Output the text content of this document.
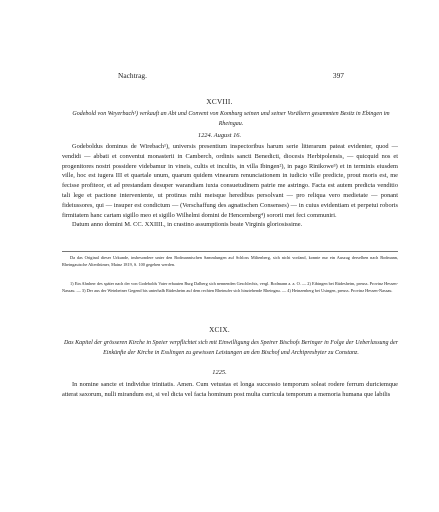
Nachtrag.	397
XCVIII.
Godebold von Weyerbach¹) verkauft an Abt und Convent von Komburg seinen und seiner Vorältern gesammten Besitz in Ebingen im Rheingau.
1224. August 16.

Godeboldus dominus de Wirebach¹), universis presentium inspectoribus harum serie litterarum pateat evidenter, quod — vendidi — abbati et conventui monasterii in Camberch, ordinis sancti Benedicti, diocesis Herbipolensis, — quicquid nos et progenitores nostri possidere videbamur in vineis, cultis et incultis, in villa Ibingen²), in pago Rinikowe³) et in terminis eiusdem ville, hoc est iugera III et quartale unum, quarum quidem vinearum renunciationem in iudicio ville predicte, prout moris est, me fecisse profiteor, et ad prestandam desuper warandiam iuxta consuetudinem patrie me astringo. Facta est autem predicta venditio tali lege et pactione interveniente, ut protinus mihi meisque heredibus persolvant — pro reliqua vero medietate — ponant fideiussores, qui — insuper est condictum — (Verschaffung des agnatischen Consenses) — in cuius evidentiam et perpetui roboris firmitatem hanc cartam sigillo meo et sigillo Wilhelmi domini de Hencemberg⁴) sororii mei feci communiri.

Datum anno domini M. CC. XXIIII., in crastino assumptionis beate Virginis gloriosissime.

Da das Original dieser Urkunde, insbesondere unter den Bodmannischen Sammlungen auf Schloss Miltenberg, sich nicht vorfand, konnte nur ein Auszug derselben nach Bodmann, Rheingauische Alterthümer, Mainz 1819, S. 100 gegeben werden.

1) Ein Ahnherr des später nach der von Godebolds Vater erbauten Burg Dalberg sich nennenden Geschlechts, vergl. Bodmann a. a. O. — 2) Eibingen bei Rüdesheim, preuss. Provinz Hessen-Nassau. — 3) Der aus der Weinbeiner Gegend bis unterhalb Rüdesheim auf dem rechten Rheinufer sich hinziehende Rheingau. — 4) Heinzenberg bei Usingen, preuss. Provinz Hessen-Nassau.

XCIX.
Das Kapitel der grösseren Kirche in Speier verpflichtet sich mit Einwilligung des Speirer Bischofs Beringer in Folge der Ueberlassung der Einkünfte der Kirche in Esslingen zu gewissen Leistungen an den Bischof und Archipresbyter zu Constanz.
1225.

In nomine sancte et individue trinitatis. Amen. Cum vetustas et longa successio temporum soleat rodere ferrum duriciemque atterat saxorum, nulli mirandum est, si vel dicta vel facta hominum post multa curricula temporum a memoria humana que labilis
